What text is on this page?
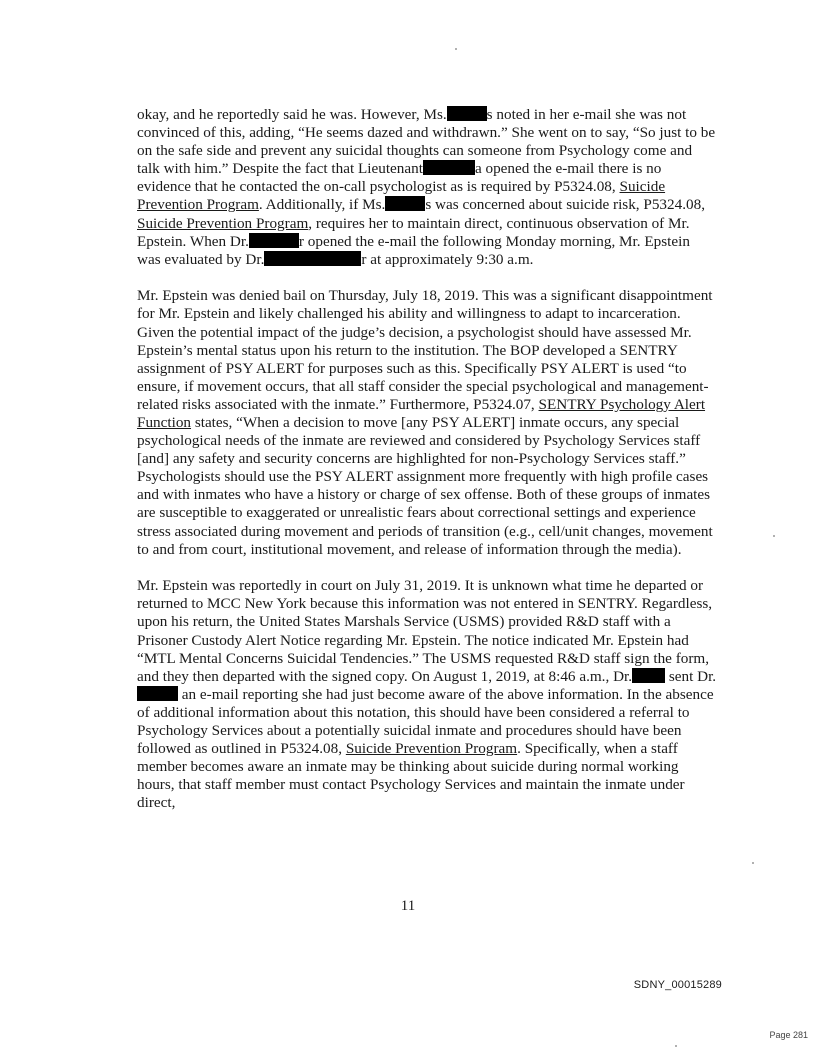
okay, and he reportedly said he was. However, Ms.	s noted in her e-mail she was not convinced of this, adding, “He seems dazed and withdrawn.” She went on to say, “So just to be on the safe side and prevent any suicidal thoughts can someone from Psychology come and talk with him.” Despite the fact that Lieutenant	a opened the e-mail there is no evidence that he contacted the on-call psychologist as is required by P5324.08, Suicide Prevention Program. Additionally, if Ms.	s was concerned about suicide risk, P5324.08, Suicide Prevention Program, requires her to maintain direct, continuous observation of Mr. Epstein. When Dr.	r opened the e-mail the following Monday morning, Mr. Epstein was evaluated by Dr.	r at approximately 9:30 a.m.

Mr. Epstein was denied bail on Thursday, July 18, 2019. This was a significant disappointment for Mr. Epstein and likely challenged his ability and willingness to adapt to incarceration. Given the potential impact of the judge’s decision, a psychologist should have assessed Mr. Epstein’s mental status upon his return to the institution. The BOP developed a SENTRY assignment of PSY ALERT for purposes such as this. Specifically PSY ALERT is used “to ensure, if movement occurs, that all staff consider the special psychological and management-related risks associated with the inmate.” Furthermore, P5324.07, SENTRY Psychology Alert Function states, “When a decision to move [any PSY ALERT] inmate occurs, any special psychological needs of the inmate are reviewed and considered by Psychology Services staff [and] any safety and security concerns are highlighted for non-Psychology Services staff.” Psychologists should use the PSY ALERT assignment more frequently with high profile cases and with inmates who have a history or charge of sex offense. Both of these groups of inmates are susceptible to exaggerated or unrealistic fears about correctional settings and experience stress associated during movement and periods of transition (e.g., cell/unit changes, movement to and from court, institutional movement, and release of information through the media).

Mr. Epstein was reportedly in court on July 31, 2019. It is unknown what time he departed or returned to MCC New York because this information was not entered in SENTRY. Regardless, upon his return, the United States Marshals Service (USMS) provided R&D staff with a Prisoner Custody Alert Notice regarding Mr. Epstein. The notice indicated Mr. Epstein had “MTL Mental Concerns Suicidal Tendencies.” The USMS requested R&D staff sign the form, and they then departed with the signed copy. On August 1, 2019, at 8:46 a.m., Dr. sent Dr. an e-mail reporting she had just become aware of the above information. In the absence of additional information about this notation, this should have been considered a referral to Psychology Services about a potentially suicidal inmate and procedures should have been followed as outlined in P5324.08, Suicide Prevention Program. Specifically, when a staff member becomes aware an inmate may be thinking about suicide during normal working hours, that staff member must contact Psychology Services and maintain the inmate under direct,

11
SDNY_00015289
Page 281
